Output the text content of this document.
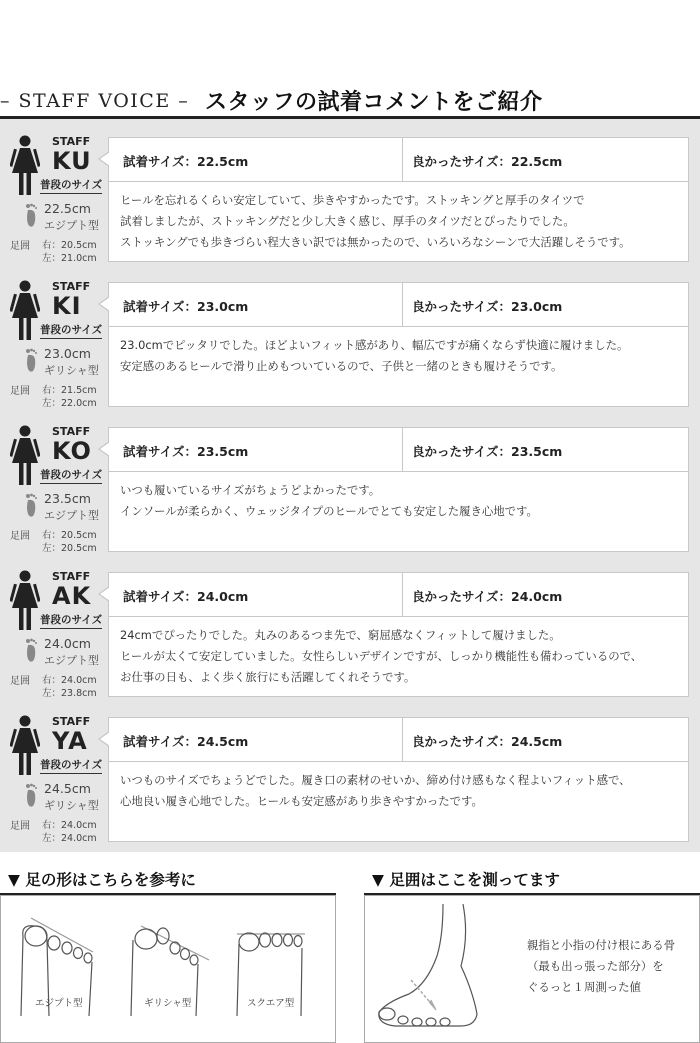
– STAFF VOICE – スタッフの試着コメントをご紹介
STAFF
KU
普段のサイズ
22.5cm
エジプト型
足囲 右：20.5cm
左：21.0cm
試着サイズ：22.5cm	良かったサイズ：22.5cm
ヒールを忘れるくらい安定していて、歩きやすかったです。ストッキングと厚手のタイツで
試着しましたが、ストッキングだと少し大きく感じ、厚手のタイツだとぴったりでした。
ストッキングでも歩きづらい程大きい訳では無かったので、いろいろなシーンで大活躍しそうです。
STAFF
KI
普段のサイズ
23.0cm
ギリシャ型
足囲 右：21.5cm
左：22.0cm
試着サイズ：23.0cm	良かったサイズ：23.0cm
23.0cmでピッタリでした。ほどよいフィット感があり、幅広ですが痛くならず快適に履けました。
安定感のあるヒールで滑り止めもついているので、子供と一緒のときも履けそうです。
STAFF
KO
普段のサイズ
23.5cm
エジプト型
足囲 右：20.5cm
左：20.5cm
試着サイズ：23.5cm	良かったサイズ：23.5cm
いつも履いているサイズがちょうどよかったです。
インソールが柔らかく、ウェッジタイプのヒールでとても安定した履き心地です。
STAFF
AK
普段のサイズ
24.0cm
エジプト型
足囲 右：24.0cm
左：23.8cm
試着サイズ：24.0cm	良かったサイズ：24.0cm
24cmでぴったりでした。丸みのあるつま先で、窮屈感なくフィットして履けました。
ヒールが太くて安定していました。女性らしいデザインですが、しっかり機能性も備わっているので、
お仕事の日も、よく歩く旅行にも活躍してくれそうです。
STAFF
YA
普段のサイズ
24.5cm
ギリシャ型
足囲 右：24.0cm
左：24.0cm
試着サイズ：24.5cm	良かったサイズ：24.5cm
いつものサイズでちょうどでした。履き口の素材のせいか、締め付け感もなく程よいフィット感で、
心地良い履き心地でした。ヒールも安定感があり歩きやすかったです。
▼ 足の形はこちらを参考に
エジプト型	ギリシャ型	スクエア型
▼ 足囲はここを測ってます
親指と小指の付け根にある骨
（最も出っ張った部分）を
ぐるっと１周測った値
